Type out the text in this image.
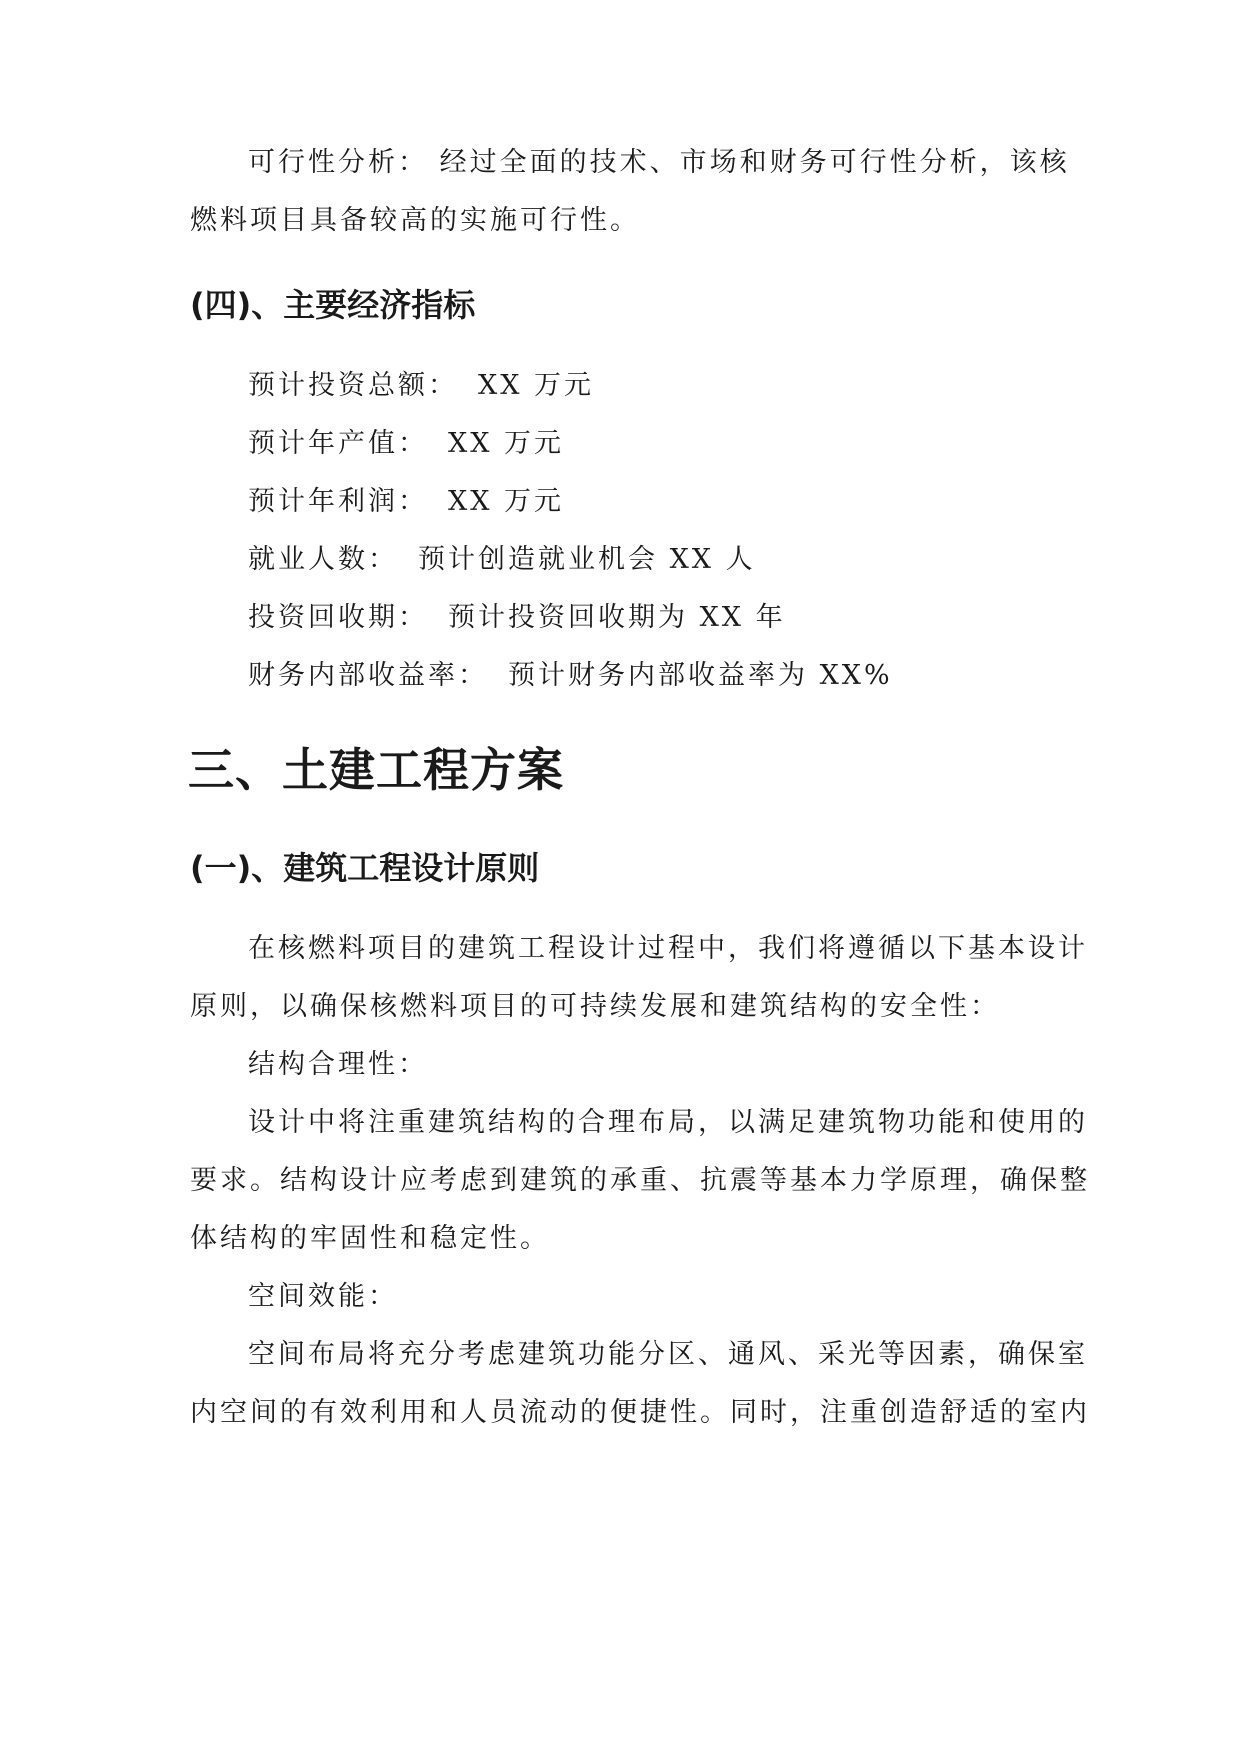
可行性分析： 经过全面的技术、市场和财务可行性分析，该核
燃料项目具备较高的实施可行性。
(四)、主要经济指标
预计投资总额： XX 万元
预计年产值： XX 万元
预计年利润： XX 万元
就业人数： 预计创造就业机会 XX 人
投资回收期： 预计投资回收期为 XX 年
财务内部收益率： 预计财务内部收益率为 XX%
三、土建工程方案
(一)、建筑工程设计原则
在核燃料项目的建筑工程设计过程中，我们将遵循以下基本设计
原则，以确保核燃料项目的可持续发展和建筑结构的安全性：
结构合理性：
设计中将注重建筑结构的合理布局，以满足建筑物功能和使用的
要求。结构设计应考虑到建筑的承重、抗震等基本力学原理，确保整
体结构的牢固性和稳定性。
空间效能：
空间布局将充分考虑建筑功能分区、通风、采光等因素，确保室
内空间的有效利用和人员流动的便捷性。同时，注重创造舒适的室内
